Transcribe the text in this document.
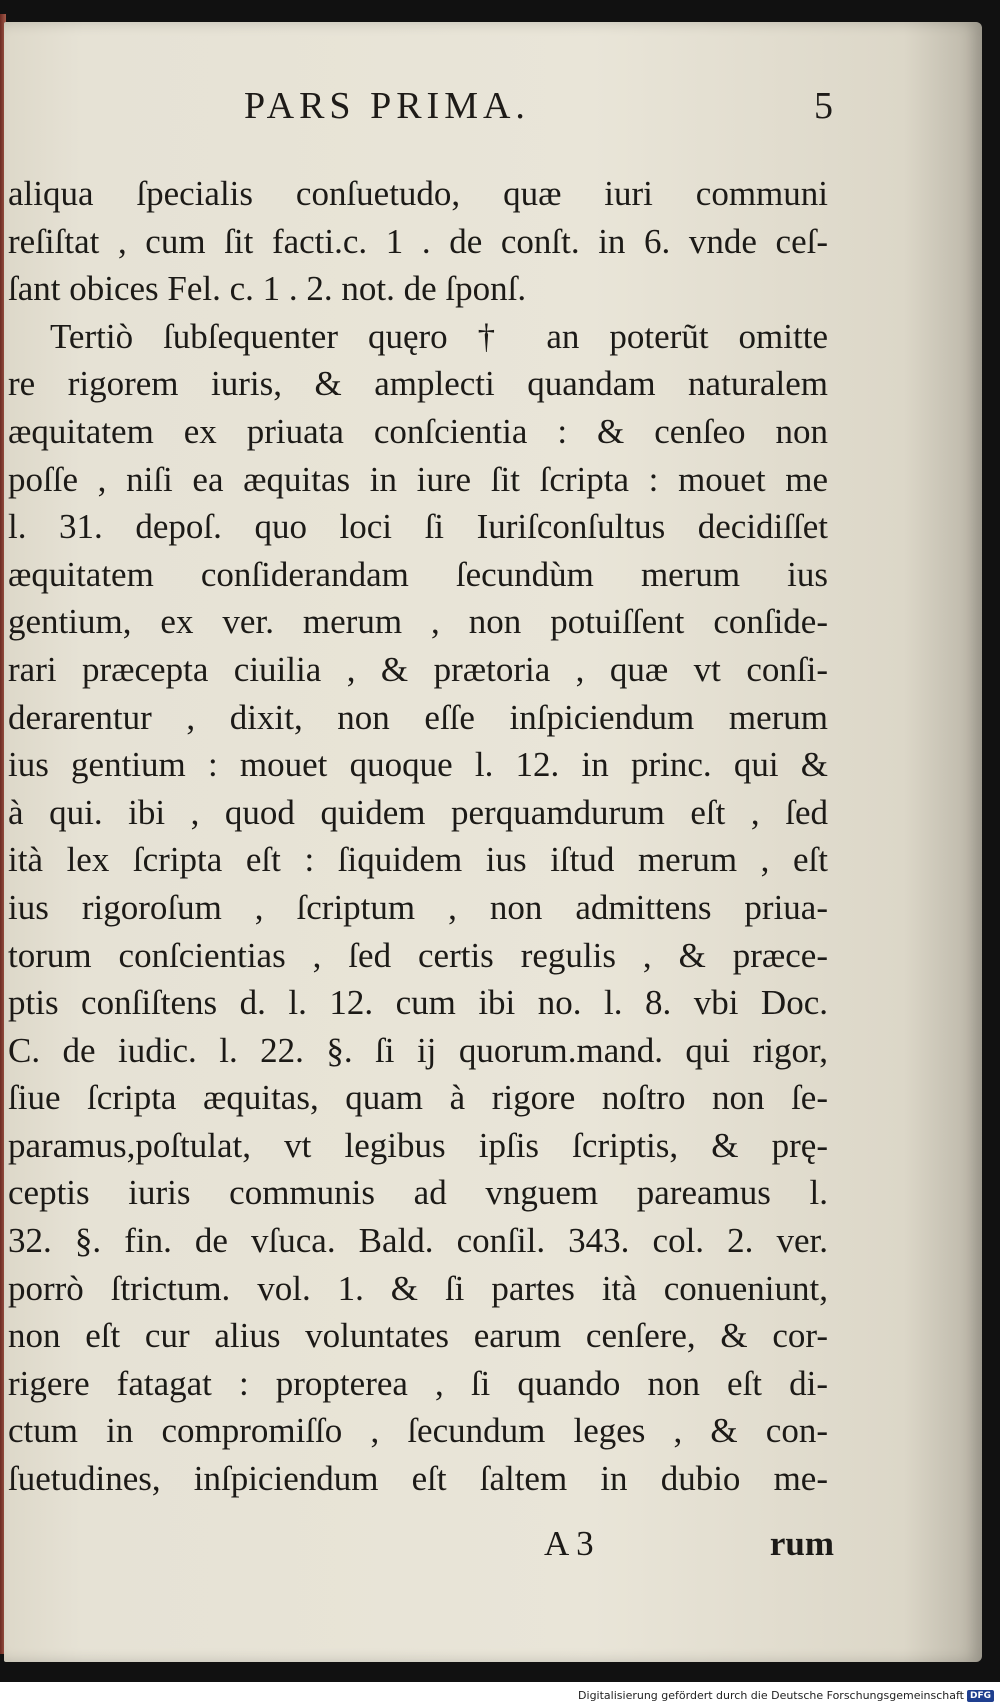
PARS PRIMA.	5
aliqua ſpecialis conſuetudo, quæ iuri communi
reſiſtat , cum ſit facti.c. 1 . de conſt. in 6. vnde ceſ-
ſant obices Fel. c. 1 . 2. not. de ſponſ.
Tertiò ſubſequenter quęro † an poterũt omitte
re rigorem iuris, & amplecti quandam naturalem
æquitatem ex priuata conſcientia : & cenſeo non
poſſe , niſi ea æquitas in iure ſit ſcripta : mouet me
l. 31. depoſ. quo loci ſi Iuriſconſultus decidiſſet
æquitatem conſiderandam ſecundùm merum ius
gentium, ex ver. merum , non potuiſſent conſide-
rari præcepta ciuilia , & prætoria , quæ vt conſi-
derarentur , dixit, non eſſe inſpiciendum merum
ius gentium : mouet quoque l. 12. in princ. qui &
à qui. ibi , quod quidem perquamdurum eſt , ſed
ità lex ſcripta eſt : ſiquidem ius iſtud merum , eſt
ius rigoroſum , ſcriptum , non admittens priua-
torum conſcientias , ſed certis regulis , & præce-
ptis conſiſtens d. l. 12. cum ibi no. l. 8. vbi Doc.
C. de iudic. l. 22. §. ſi ij quorum.mand. qui rigor,
ſiue ſcripta æquitas, quam à rigore noſtro non ſe-
paramus,poſtulat, vt legibus ipſis ſcriptis, & prę-
ceptis iuris communis ad vnguem pareamus l.
32. §. fin. de vſuca. Bald. conſil. 343. col. 2. ver.
porrò ſtrictum. vol. 1. & ſi partes ità conueniunt,
non eſt cur alius voluntates earum cenſere, & cor-
rigere fatagat : propterea , ſi quando non eſt di-
ctum in compromiſſo , ſecundum leges , & con-
ſuetudines, inſpiciendum eſt ſaltem in dubio me-
A 3	rum
Digitalisierung gefördert durch die Deutsche Forschungsgemeinschaft DFG
